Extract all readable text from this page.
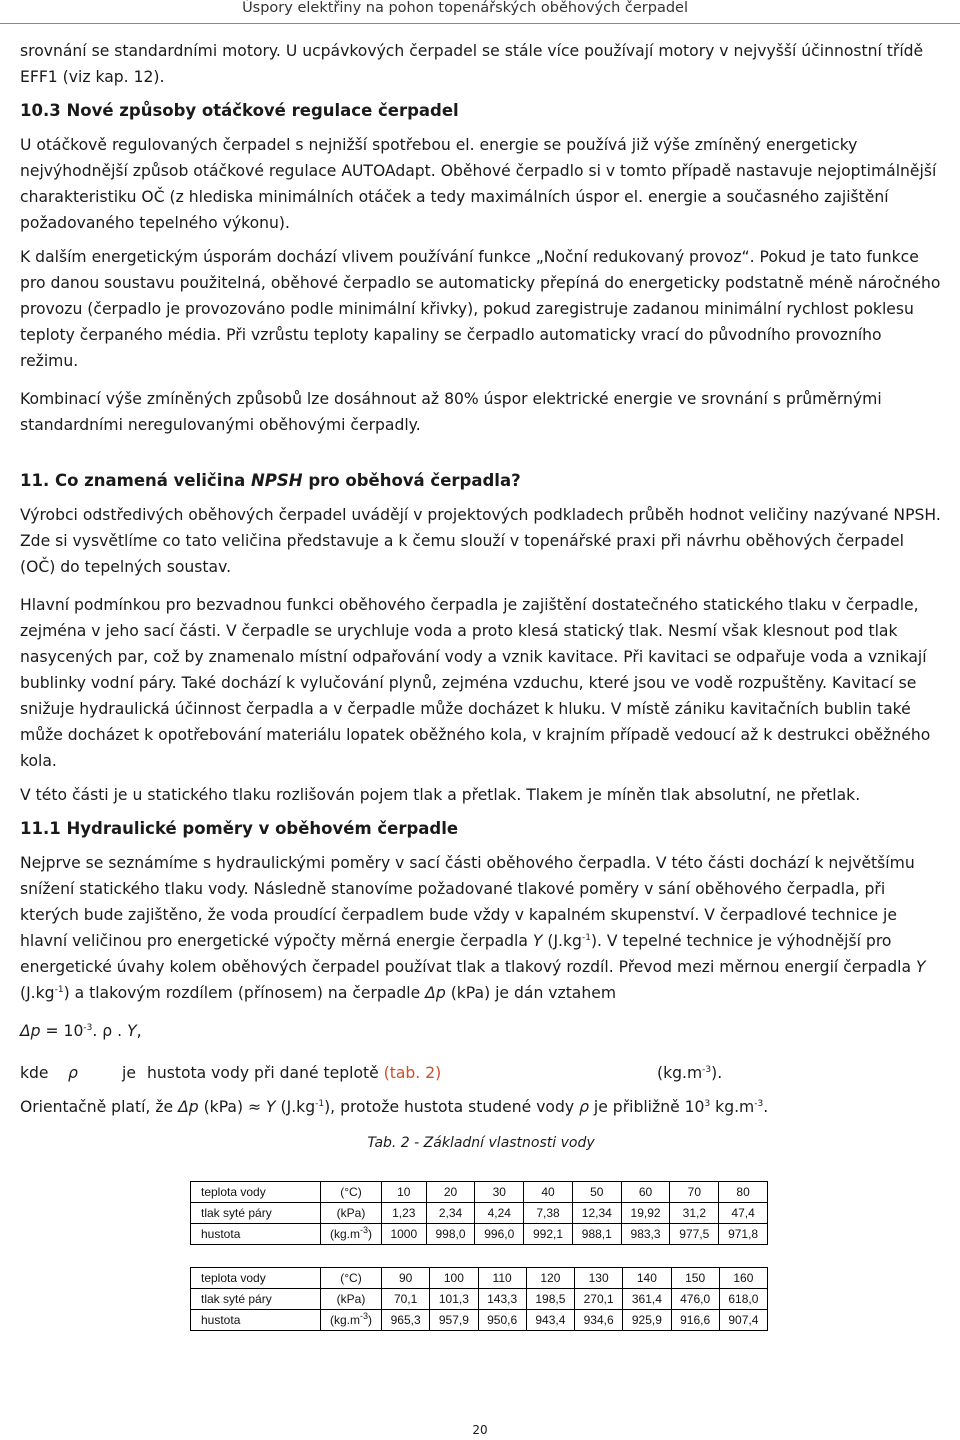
Úspory elektřiny na pohon topenářských oběhových čerpadel

srovnání se standardními motory. U ucpávkových čerpadel se stále více používají motory v nejvyšší účinnostní třídě EFF1 (viz kap. 12).

10.3 Nové způsoby otáčkové regulace čerpadel

U otáčkově regulovaných čerpadel s nejnižší spotřebou el. energie se používá již výše zmíněný energeticky nejvýhodnější způsob otáčkové regulace AUTOAdapt. Oběhové čerpadlo si v tomto případě nastavuje nejoptimálnější charakteristiku OČ (z hlediska minimálních otáček a tedy maximálních úspor el. energie a současného zajištění požadovaného tepelného výkonu).

K dalším energetickým úsporám dochází vlivem používání funkce „Noční redukovaný provoz“. Pokud je tato funkce pro danou soustavu použitelná, oběhové čerpadlo se automaticky přepíná do energeticky podstatně méně náročného provozu (čerpadlo je provozováno podle minimální křivky), pokud zaregistruje zadanou minimální rychlost poklesu teploty čerpaného média. Při vzrůstu teploty kapaliny se čerpadlo automaticky vrací do původního provozního režimu.

Kombinací výše zmíněných způsobů lze dosáhnout až 80% úspor elektrické energie ve srovnání s průměrnými standardními neregulovanými oběhovými čerpadly.

11. Co znamená veličina NPSH pro oběhová čerpadla?

Výrobci odstředivých oběhových čerpadel uvádějí v projektových podkladech průběh hodnot veličiny nazývané NPSH. Zde si vysvětlíme co tato veličina představuje a k čemu slouží v topenářské praxi při návrhu oběhových čerpadel (OČ) do tepelných soustav.

Hlavní podmínkou pro bezvadnou funkci oběhového čerpadla je zajištění dostatečného statického tlaku v čerpadle, zejména v jeho sací části. V čerpadle se urychluje voda a proto klesá statický tlak. Nesmí však klesnout pod tlak nasycených par, což by znamenalo místní odpařování vody a vznik kavitace. Při kavitaci se odpařuje voda a vznikají bublinky vodní páry. Také dochází k vylučování plynů, zejména vzduchu, které jsou ve vodě rozpuštěny. Kavitací se snižuje hydraulická účinnost čerpadla a v čerpadle může docházet k hluku. V místě zániku kavitačních bublin také může docházet k opotřebování materiálu lopatek oběžného kola, v krajním případě vedoucí až k destrukci oběžného kola.

V této části je u statického tlaku rozlišován pojem tlak a přetlak. Tlakem je míněn tlak absolutní, ne přetlak.

11.1 Hydraulické poměry v oběhovém čerpadle

Nejprve se seznámíme s hydraulickými poměry v sací části oběhového čerpadla. V této části dochází k největšímu snížení statického tlaku vody. Následně stanovíme požadované tlakové poměry v sání oběhového čerpadla, při kterých bude zajištěno, že voda proudící čerpadlem bude vždy v kapalném skupenství. V čerpadlové technice je hlavní veličinou pro energetické výpočty měrná energie čerpadla Y $(J.kg^{-1})$. V tepelné technice je výhodnější pro energetické úvahy kolem oběhových čerpadel používat tlak a tlakový rozdíl. Převod mezi měrnou energií čerpadla Y $(J.kg^{-1})$ a tlakovým rozdílem (přínosem) na čerpadle Δp (kPa) je dán vztahem

$\Delta p = 10^{-3}$. ρ . Y,

kde	ρ	je hustota vody při dané teplotě (tab. 2)	$(kg.m^{-3})$.

Orientačně platí, že Δp (kPa) ≈ Y $(J.kg^{-1})$, protože hustota studené vody ρ je přibližně $10^3$ $kg.m^{-3}$.

Tab. 2 - Základní vlastnosti vody

teplota vody	(°C)	10	20	30	40	50	60	70	80
tlak syté páry	(kPa)	1,23	2,34	4,24	7,38	12,34	19,92	31,2	47,4
hustota	$(kg.m^{-3})$	1000	998,0	996,0	992,1	988,1	983,3	977,5	971,8
teplota vody	(°C)	90	100	110	120	130	140	150	160
tlak syté páry	(kPa)	70,1	101,3	143,3	198,5	270,1	361,4	476,0	618,0
hustota	$(kg.m^{-3})$	965,3	957,9	950,6	943,4	934,6	925,9	916,6	907,4
20
